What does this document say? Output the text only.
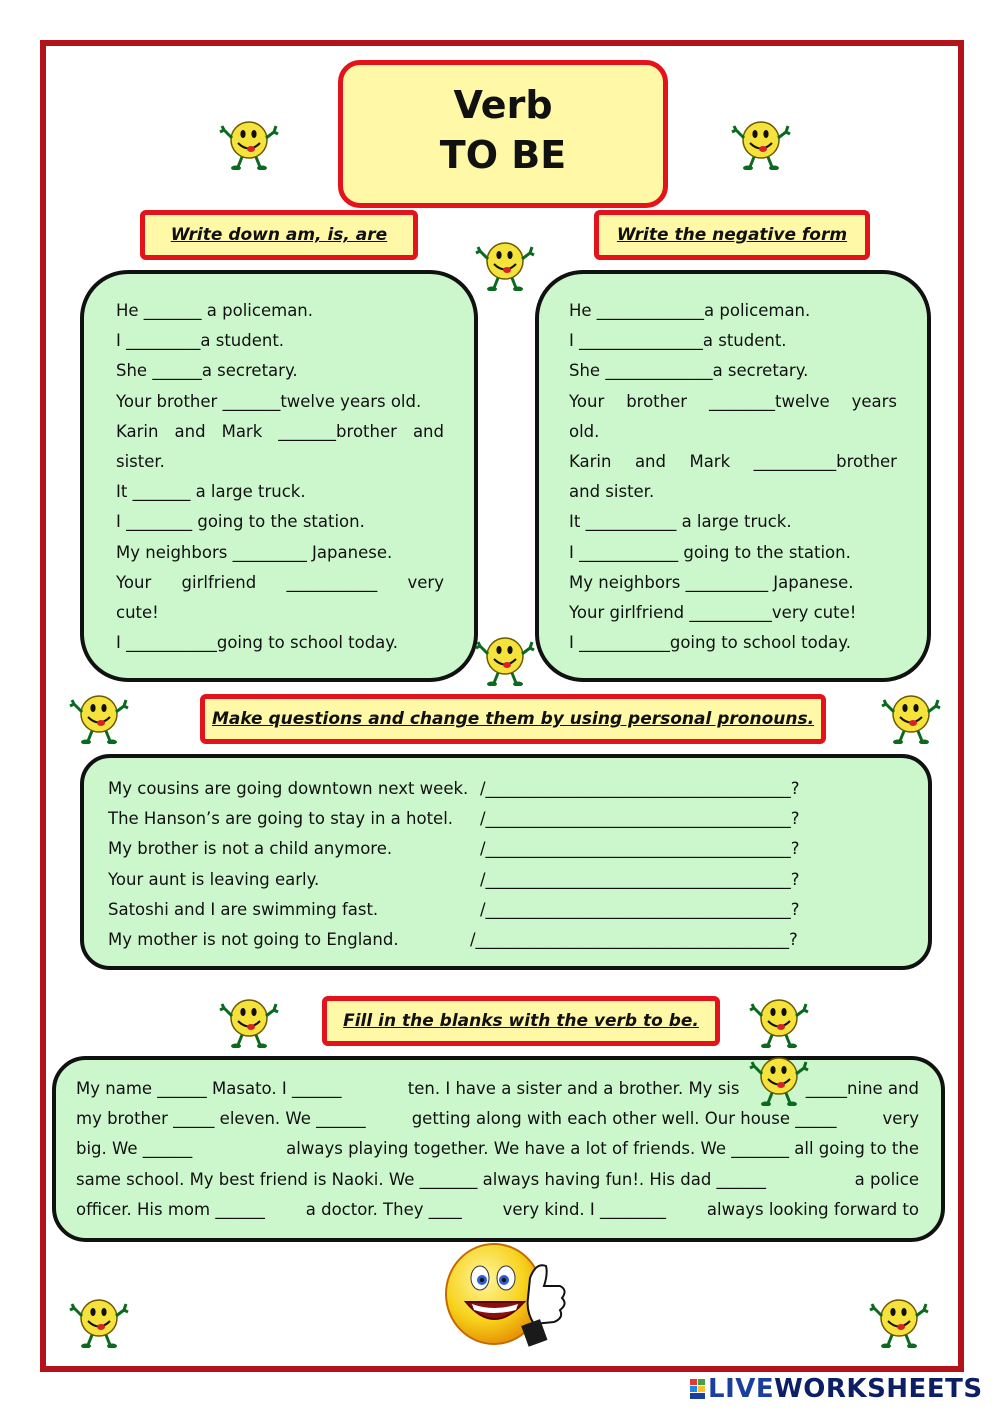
Verb
TO BE
Write down am, is, are	Write the negative form
He _______ a policeman.
I _________a student.
She ______a secretary.
Your brother _______twelve years old.
Karin and Mark _______brother and
sister.
It _______ a large truck.
I ________ going to the station.
My neighbors _________ Japanese.
Your girlfriend ___________ very
cute!
I ___________going to school today.
He _____________a policeman.
I _______________a student.
She _____________a secretary.
Your brother ________twelve years
old.
Karin and Mark __________brother
and sister.
It ___________ a large truck.
I ____________ going to the station.
My neighbors __________ Japanese.
Your girlfriend __________very cute!
I ___________going to school today.
Make questions and change them by using personal pronouns.
My cousins are going downtown next week. /_____________________________________?
The Hanson’s are going to stay in a hotel.	/_____________________________________?
My brother is not a child anymore.	/_____________________________________?
Your aunt is leaving early.	/_____________________________________?
Satoshi and I are swimming fast.	/_____________________________________?
My mother is not going to England.	/______________________________________?
Fill in the blanks with the verb to be.
My name ______ Masato. I ______	ten. I have a sister and a brother. My sis	_____nine and
my brother _____ eleven. We ______	getting along with each other well. Our house _____	very
big. We ______	always playing together. We have a lot of friends. We _______ all going to the
same school. My best friend is Naoki. We _______ always having fun!. His dad ______	a police
officer. His mom ______ a doctor. They ____ very kind. I ________ always looking forward to
LIVEWORKSHEETS
